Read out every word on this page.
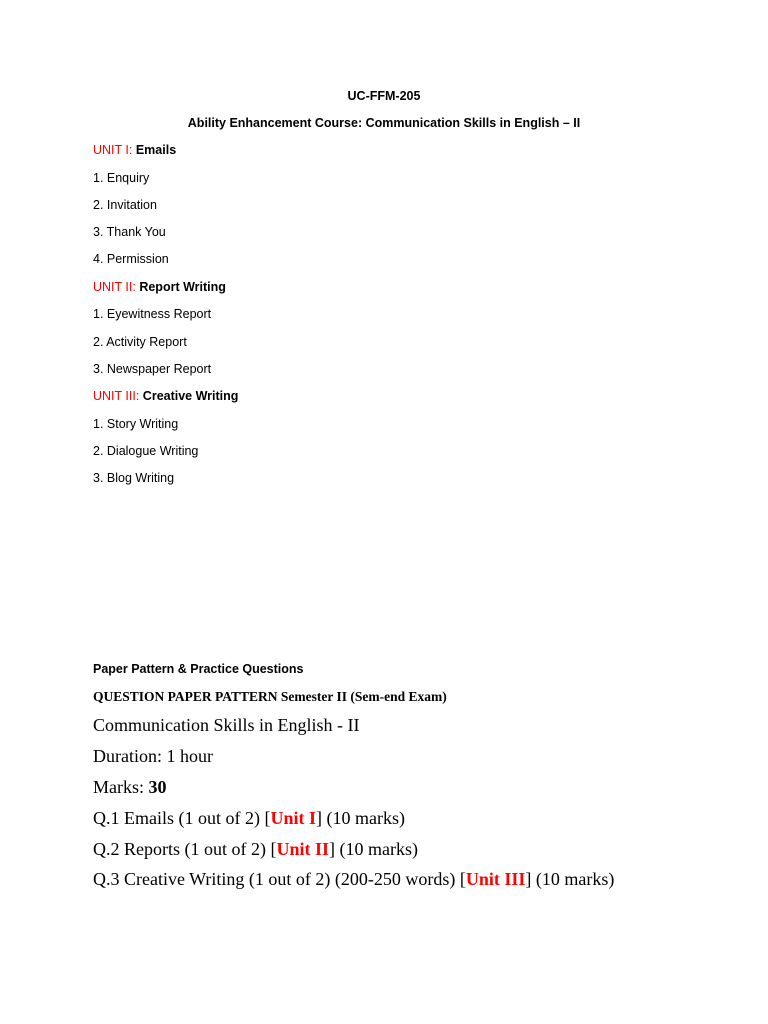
UC-FFM-205
Ability Enhancement Course: Communication Skills in English – II
UNIT I: Emails
1. Enquiry
2. Invitation
3. Thank You
4. Permission
UNIT II: Report Writing
1. Eyewitness Report
2. Activity Report
3. Newspaper Report
UNIT III: Creative Writing
1. Story Writing
2. Dialogue Writing
3. Blog Writing
Paper Pattern & Practice Questions
QUESTION PAPER PATTERN Semester II (Sem-end Exam)
Communication Skills in English - II
Duration: 1 hour
Marks: 30
Q.1 Emails (1 out of 2) [Unit I] (10 marks)
Q.2 Reports (1 out of 2) [Unit II] (10 marks)
Q.3 Creative Writing (1 out of 2) (200-250 words) [Unit III] (10 marks)
